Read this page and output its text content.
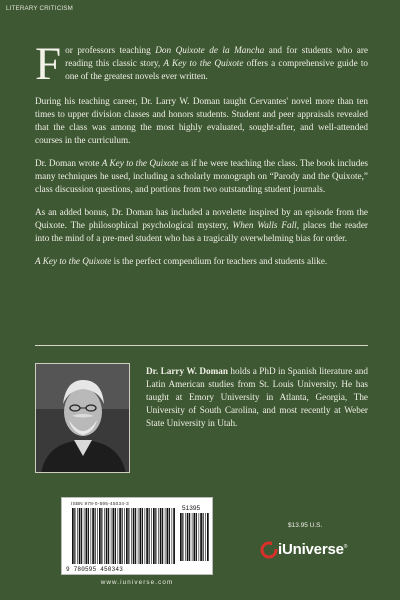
LITERARY CRITICISM

For professors teaching Don Quixote de la Mancha and for students who are reading this classic story, A Key to the Quixote offers a comprehensive guide to one of the greatest novels ever written.

During his teaching career, Dr. Larry W. Doman taught Cervantes' novel more than ten times to upper division classes and honors students. Student and peer appraisals revealed that the class was among the most highly evaluated, sought-after, and well-attended courses in the curriculum.

Dr. Doman wrote A Key to the Quixote as if he were teaching the class. The book includes many techniques he used, including a scholarly monograph on “Parody and the Quixote,” class discussion questions, and portions from two outstanding student journals.

As an added bonus, Dr. Doman has included a novelette inspired by an episode from the Quixote. The philosophical psychological mystery, When Walls Fall, places the reader into the mind of a pre-med student who has a tragically overwhelming bias for order.

A Key to the Quixote is the perfect compendium for teachers and students alike.

Dr. Larry W. Doman holds a PhD in Spanish literature and Latin American studies from St. Louis University. He has taught at Emory University in Atlanta, Georgia, The University of South Carolina, and most recently at Weber State University in Utah.
ISBN 978-0-595-45034-3
51395
9 780595 450343
www.iuniverse.com
$13.95 U.S.
iUniverse®
